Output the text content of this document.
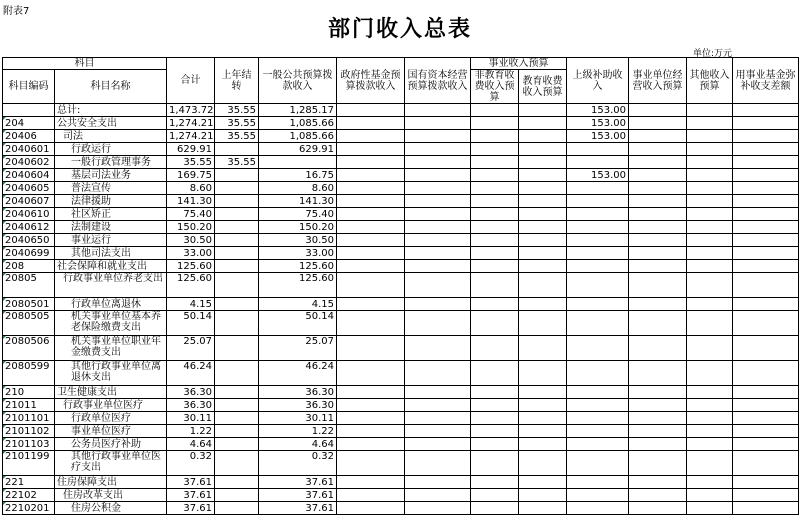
附表7
部门收入总表
单位:万元
科目		合计	上年结转	一般公共预算拨款收入	政府性基金预算拨款收入	国有资本经营预算拨款收入	事业收入预算		上级补助收入	事业单位经营收入预算	其他收入预算	用事业基金弥补收支差额
科目编码	科目名称						非教育收费收入预算	教育收费收入预算				

	总计:	1,473.72	35.55	1,285.17					153.00			
204	公共安全支出	1,274.21	35.55	1,085.66					153.00			
20406	司法	1,274.21	35.55	1,085.66					153.00			
2040601	行政运行	629.91		629.91								
2040602	一般行政管理事务	35.55	35.55									
2040604	基层司法业务	169.75		16.75					153.00			
2040605	普法宣传	8.60		8.60								
2040607	法律援助	141.30		141.30								
2040610	社区矫正	75.40		75.40								
2040612	法制建设	150.20		150.20								
2040650	事业运行	30.50		30.50								
2040699	其他司法支出	33.00		33.00								
208	社会保障和就业支出	125.60		125.60								
20805	行政事业单位养老支出	125.60		125.60								
2080501	行政单位离退休	4.15		4.15								
2080505	机关事业单位基本养老保险缴费支出	50.14		50.14								
2080506	机关事业单位职业年金缴费支出	25.07		25.07								
2080599	其他行政事业单位离退休支出	46.24		46.24								
210	卫生健康支出	36.30		36.30								
21011	行政事业单位医疗	36.30		36.30								
2101101	行政单位医疗	30.11		30.11								
2101102	事业单位医疗	1.22		1.22								
2101103	公务员医疗补助	4.64		4.64								
2101199	其他行政事业单位医疗支出	0.32		0.32								
221	住房保障支出	37.61		37.61								
22102	住房改革支出	37.61		37.61								
2210201	住房公积金	37.61		37.61								
